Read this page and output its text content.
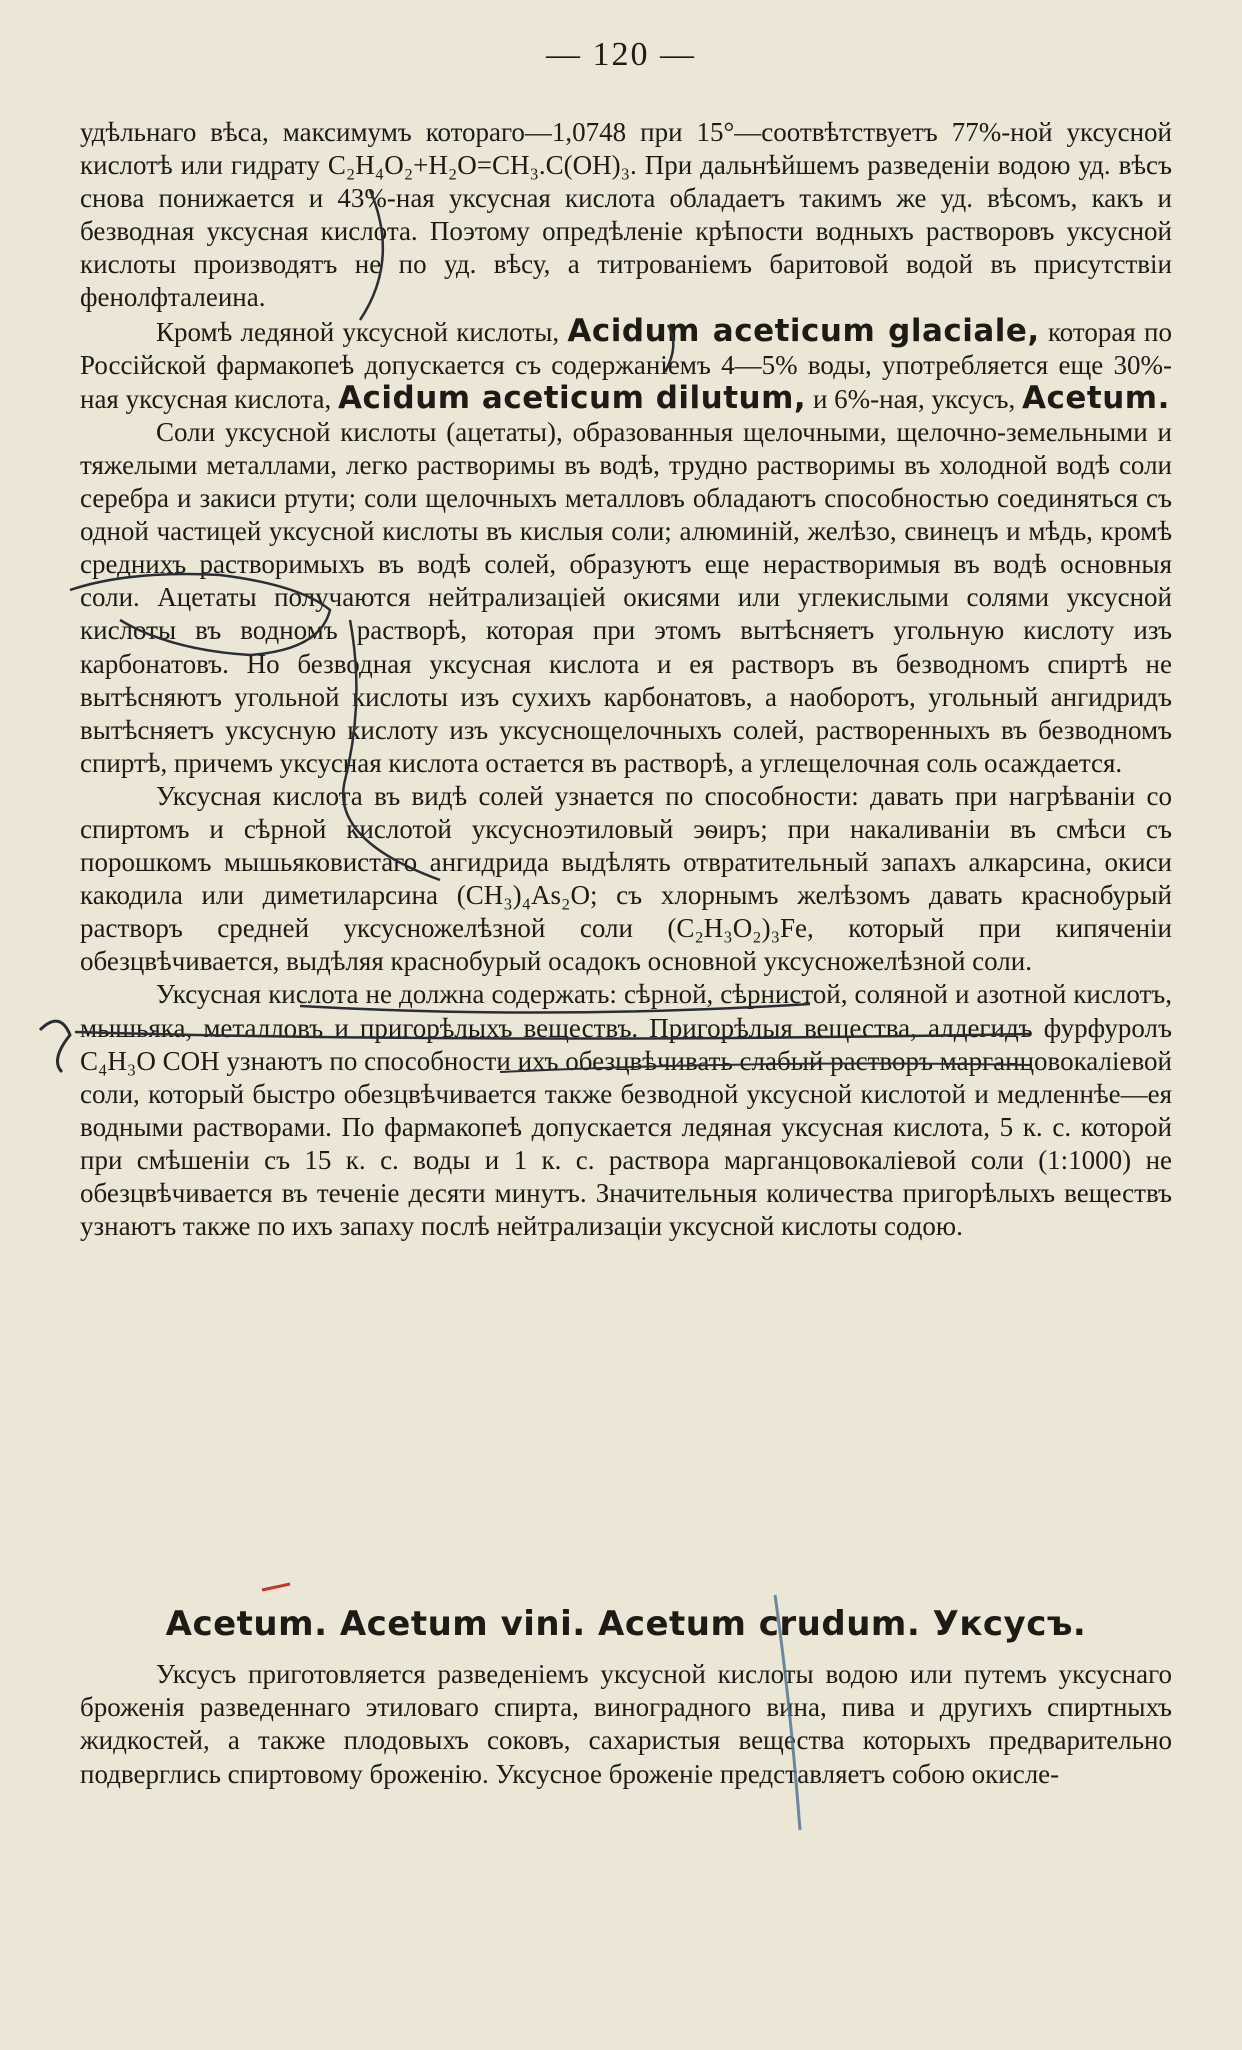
— 120 —

удѣльнаго вѣса, максимумъ котораго—1,0748 при 15°—соотвѣтствуетъ 77%-ной уксусной кислотѣ или гидрату C₂H₄O₂+H₂O=CH₃.C(OH)₃. При дальнѣйшемъ разведеніи водою уд. вѣсъ снова понижается и 43%-ная уксусная кислота обладаетъ такимъ же уд. вѣсомъ, какъ и безводная уксусная кислота. Поэтому опредѣленіе крѣпости водныхъ растворовъ уксусной кислоты производятъ не по уд. вѣсу, а титрованіемъ баритовой водой въ присутствіи фенолфталеина.

Кромѣ ледяной уксусной кислоты, Acidum aceticum glaciale, которая по Россійской фармакопеѣ допускается съ содержаніемъ 4—5% воды, употребляется еще 30%-ная уксусная кислота, Acidum aceticum dilutum, и 6%-ная, уксусъ, Acetum.

Соли уксусной кислоты (ацетаты), образованныя щелочными, щелочно-земельными и тяжелыми металлами, легко растворимы въ водѣ, трудно растворимы въ холодной водѣ соли серебра и закиси ртути; соли щелочныхъ металловъ обладаютъ способностью соединяться съ одной частицей уксусной кислоты въ кислыя соли; алюминій, желѣзо, свинецъ и мѣдь, кромѣ среднихъ растворимыхъ въ водѣ солей, образуютъ еще нерастворимыя въ водѣ основныя соли. Ацетаты получаются нейтрализаціей окисями или углекислыми солями уксусной кислоты въ водномъ растворѣ, которая при этомъ вытѣсняетъ угольную кислоту изъ карбонатовъ. Но безводная уксусная кислота и ея растворъ въ безводномъ спиртѣ не вытѣсняютъ угольной кислоты изъ сухихъ карбонатовъ, а наоборотъ, угольный ангидридъ вытѣсняетъ уксусную кислоту изъ уксуснощелочныхъ солей, растворенныхъ въ безводномъ спиртѣ, причемъ уксусная кислота остается въ растворѣ, а углещелочная соль осаждается.

Уксусная кислота въ видѣ солей узнается по способности: давать при нагрѣваніи со спиртомъ и сѣрной кислотой уксусноэтиловый эѳиръ; при накаливаніи въ смѣси съ порошкомъ мышьяковистаго ангидрида выдѣлять отвратительный запахъ алкарсина, окиси какодила или диметиларсина (CH₃)₄As₂O; съ хлорнымъ желѣзомъ давать краснобурый растворъ средней уксусножелѣзной соли (C₂H₃O₂)₃Fe, который при кипяченіи обезцвѣчивается, выдѣляя краснобурый осадокъ основной уксусножелѣзной соли.

Уксусная кислота не должна содержать: сѣрной, сѣрнистой, соляной и азотной кислотъ, мышьяка, металловъ и пригорѣлыхъ веществъ. Пригорѣлыя вещества, алдегидъ фурфуролъ C₄H₃O COH узнаютъ по способности ихъ обезцвѣчивать слабый растворъ марганцовокаліевой соли, который быстро обезцвѣчивается также безводной уксусной кислотой и медленнѣе—ея водными растворами. По фармакопеѣ допускается ледяная уксусная кислота, 5 к. с. которой при смѣшеніи съ 15 к. с. воды и 1 к. с. раствора марганцовокаліевой соли (1:1000) не обезцвѣчивается въ теченіе десяти минутъ. Значительныя количества пригорѣлыхъ веществъ узнаютъ также по ихъ запаху послѣ нейтрализаціи уксусной кислоты содою.

Acetum. Acetum vini. Acetum crudum. Уксусъ.

Уксусъ приготовляется разведеніемъ уксусной кислоты водою или путемъ уксуснаго броженія разведеннаго этиловаго спирта, виноградного вина, пива и другихъ спиртныхъ жидкостей, а также плодовыхъ соковъ, сахаристыя вещества которыхъ предварительно подверглись спиртовому броженію. Уксусное броженіе представляетъ собою окисле-
